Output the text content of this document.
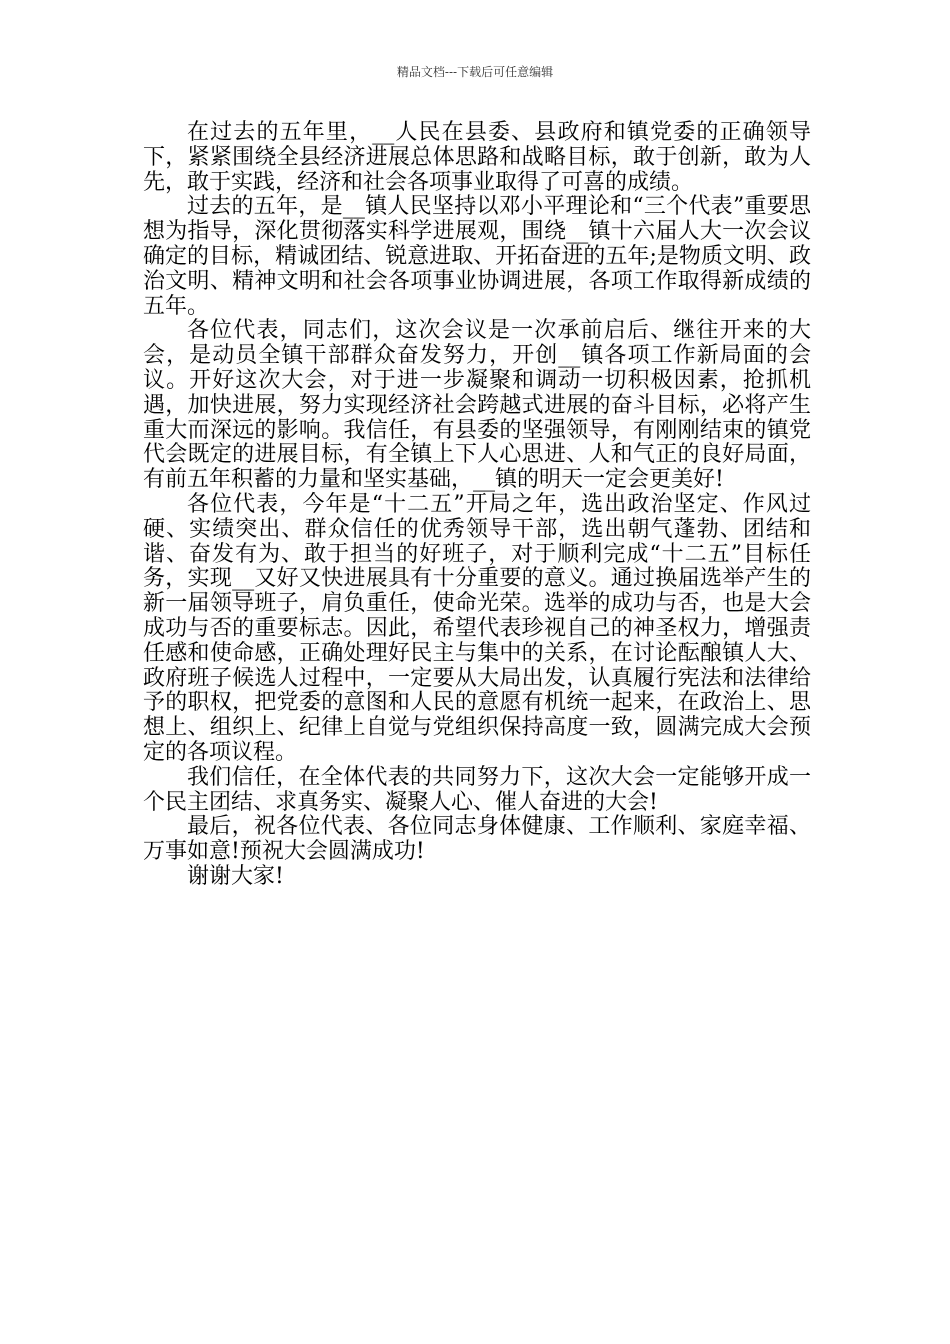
精品文档---下载后可任意编辑

在过去的五年里，__人民在县委、县政府和镇党委的正确领导下，紧紧围绕全县经济进展总体思路和战略目标，敢于创新，敢为人先，敢于实践，经济和社会各项事业取得了可喜的成绩。

过去的五年，是__镇人民坚持以邓小平理论和“三个代表”重要思想为指导，深化贯彻落实科学进展观，围绕__镇十六届人大一次会议确定的目标，精诚团结、锐意进取、开拓奋进的五年;是物质文明、政治文明、精神文明和社会各项事业协调进展，各项工作取得新成绩的五年。

各位代表，同志们，这次会议是一次承前启后、继往开来的大会，是动员全镇干部群众奋发努力，开创__镇各项工作新局面的会议。开好这次大会，对于进一步凝聚和调动一切积极因素，抢抓机遇，加快进展，努力实现经济社会跨越式进展的奋斗目标，必将产生重大而深远的影响。我信任，有县委的坚强领导，有刚刚结束的镇党代会既定的进展目标，有全镇上下人心思进、人和气正的良好局面，有前五年积蓄的力量和坚实基础，__镇的明天一定会更美好!

各位代表，今年是“十二五”开局之年，选出政治坚定、作风过硬、实绩突出、群众信任的优秀领导干部，选出朝气蓬勃、团结和谐、奋发有为、敢于担当的好班子，对于顺利完成“十二五”目标任务，实现__又好又快进展具有十分重要的意义。通过换届选举产生的新一届领导班子，肩负重任，使命光荣。选举的成功与否，也是大会成功与否的重要标志。因此，希望代表珍视自己的神圣权力，增强责任感和使命感，正确处理好民主与集中的关系，在讨论酝酿镇人大、政府班子候选人过程中，一定要从大局出发，认真履行宪法和法律给予的职权，把党委的意图和人民的意愿有机统一起来，在政治上、思想上、组织上、纪律上自觉与党组织保持高度一致，圆满完成大会预定的各项议程。

我们信任，在全体代表的共同努力下，这次大会一定能够开成一个民主团结、求真务实、凝聚人心、催人奋进的大会!

最后，祝各位代表、各位同志身体健康、工作顺利、家庭幸福、万事如意!预祝大会圆满成功!

谢谢大家!
